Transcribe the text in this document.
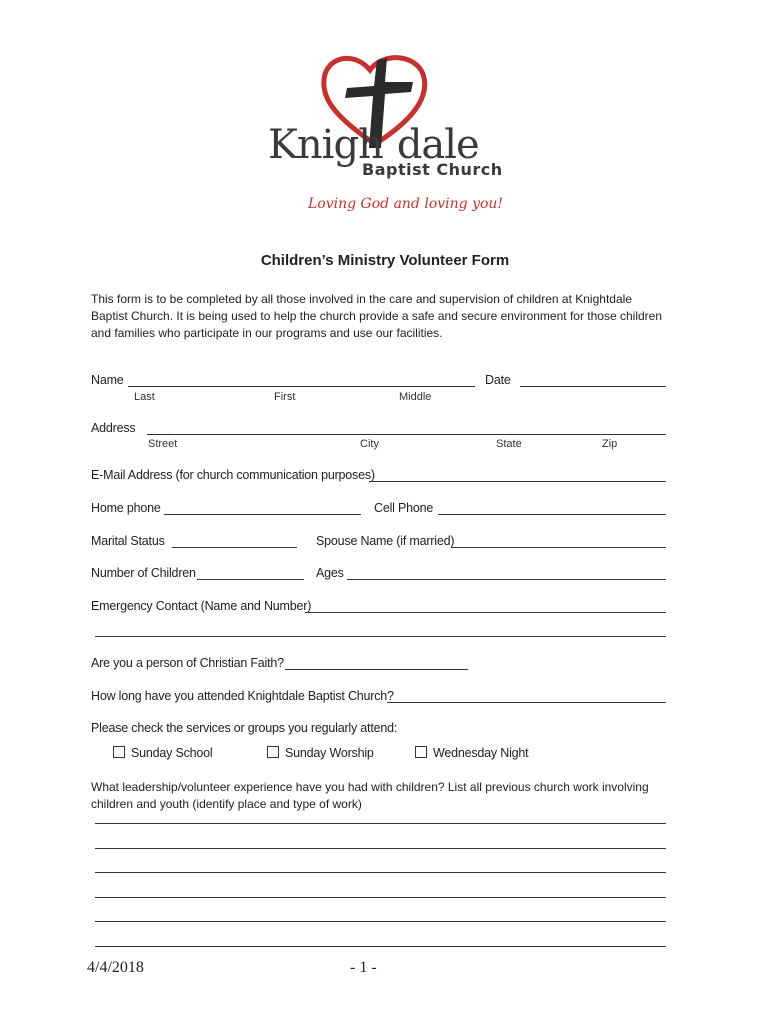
Knigh dale
Baptist Church
Loving God and loving you!
Children’s Ministry Volunteer Form
This form is to be completed by all those involved in the care and supervision of children at Knightdale Baptist Church. It is being used to help the church provide a safe and secure environment for those children and families who participate in our programs and use our facilities.
Name	Date
Last	First	Middle
Address
Street	City	State	Zip
E-Mail Address (for church communication purposes)
Home phone	Cell Phone
Marital Status	Spouse Name (if married)
Number of Children	Ages
Emergency Contact (Name and Number)
Are you a person of Christian Faith?
How long have you attended Knightdale Baptist Church?
Please check the services or groups you regularly attend:
Sunday School	Sunday Worship	Wednesday Night
What leadership/volunteer experience have you had with children? List all previous church work involving children and youth (identify place and type of work)
4/4/2018	- 1 -
